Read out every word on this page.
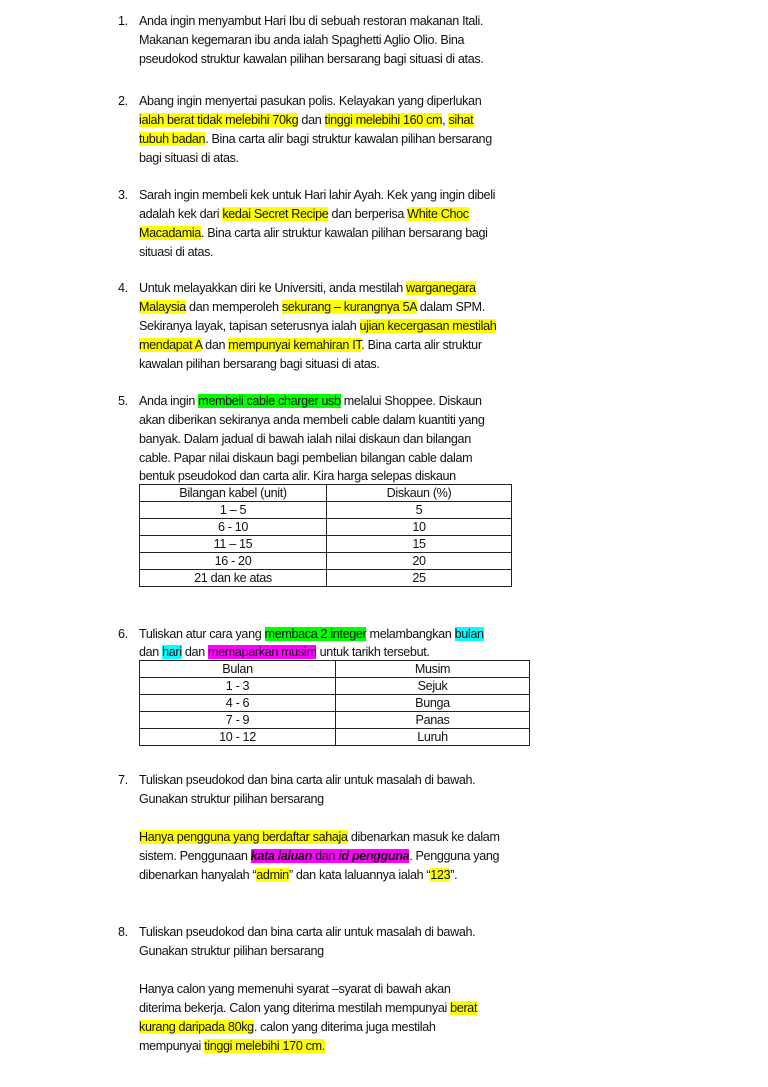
1. Anda ingin menyambut Hari Ibu di sebuah restoran makanan Itali.
Makanan kegemaran ibu anda ialah Spaghetti Aglio Olio. Bina
pseudokod struktur kawalan pilihan bersarang bagi situasi di atas.
2. Abang ingin menyertai pasukan polis. Kelayakan yang diperlukan
ialah berat tidak melebihi 70kg dan tinggi melebihi 160 cm, sihat
tubuh badan. Bina carta alir bagi struktur kawalan pilihan bersarang
bagi situasi di atas.
3. Sarah ingin membeli kek untuk Hari lahir Ayah. Kek yang ingin dibeli
adalah kek dari kedai Secret Recipe dan berperisa White Choc
Macadamia. Bina carta alir struktur kawalan pilihan bersarang bagi
situasi di atas.
4. Untuk melayakkan diri ke Universiti, anda mestilah warganegara
Malaysia dan memperoleh sekurang – kurangnya 5A dalam SPM.
Sekiranya layak, tapisan seterusnya ialah ujian kecergasan mestilah
mendapat A dan mempunyai kemahiran IT. Bina carta alir struktur
kawalan pilihan bersarang bagi situasi di atas.
5. Anda ingin membeli cable charger usb melalui Shoppee. Diskaun
akan diberikan sekiranya anda membeli cable dalam kuantiti yang
banyak. Dalam jadual di bawah ialah nilai diskaun dan bilangan
cable. Papar nilai diskaun bagi pembelian bilangan cable dalam
bentuk pseudokod dan carta alir. Kira harga selepas diskaun
Bilangan kabel (unit)	Diskaun (%)
1 – 5	5
6 - 10	10
11 – 15	15
16 - 20	20
21 dan ke atas	25
6. Tuliskan atur cara yang membaca 2 integer melambangkan bulan
dan hari dan memaparkan musim untuk tarikh tersebut.
Bulan	Musim
1 - 3	Sejuk
4 - 6	Bunga
7 - 9	Panas
10 - 12	Luruh
7. Tuliskan pseudokod dan bina carta alir untuk masalah di bawah.
Gunakan struktur pilihan bersarang
Hanya pengguna yang berdaftar sahaja dibenarkan masuk ke dalam
sistem. Penggunaan kata laluan dan id pengguna. Pengguna yang
dibenarkan hanyalah “admin” dan kata laluannya ialah “123”.
8. Tuliskan pseudokod dan bina carta alir untuk masalah di bawah.
Gunakan struktur pilihan bersarang
Hanya calon yang memenuhi syarat –syarat di bawah akan
diterima bekerja. Calon yang diterima mestilah mempunyai berat
kurang daripada 80kg. calon yang diterima juga mestilah
mempunyai tinggi melebihi 170 cm.
